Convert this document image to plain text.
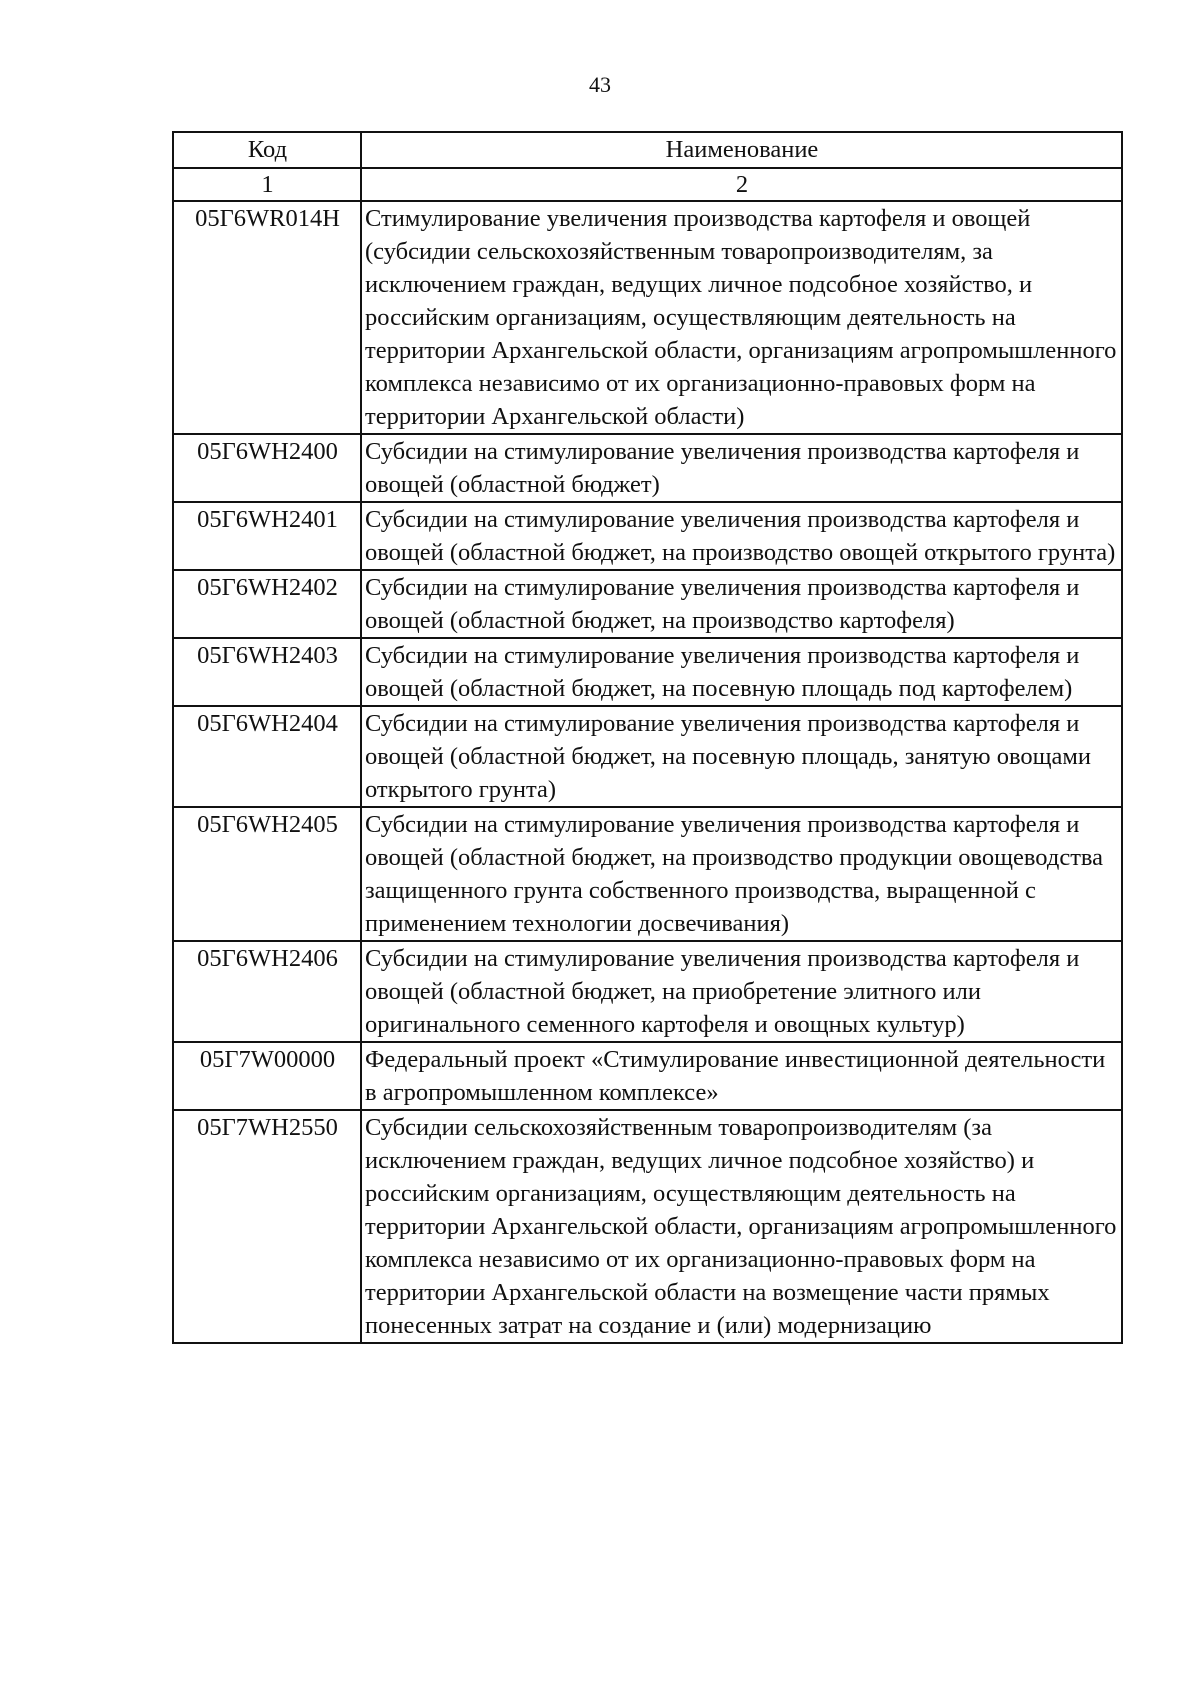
43
Код	Наименование
1	2
05Г6WR014H	Стимулирование увеличения производства картофеля и овощей (субсидии сельскохозяйственным товаропроизводителям, за исключением граждан, ведущих личное подсобное хозяйство, и российским организациям, осуществляющим деятельность на территории Архангельской области, организациям агропромышленного комплекса независимо от их организационно-правовых форм на территории Архангельской области)
05Г6WH2400	Субсидии на стимулирование увеличения производства картофеля и овощей (областной бюджет)
05Г6WH2401	Субсидии на стимулирование увеличения производства картофеля и овощей (областной бюджет, на производство овощей открытого грунта)
05Г6WH2402	Субсидии на стимулирование увеличения производства картофеля и овощей (областной бюджет, на производство картофеля)
05Г6WH2403	Субсидии на стимулирование увеличения производства картофеля и овощей (областной бюджет, на посевную площадь под картофелем)
05Г6WH2404	Субсидии на стимулирование увеличения производства картофеля и овощей (областной бюджет, на посевную площадь, занятую овощами открытого грунта)
05Г6WH2405	Субсидии на стимулирование увеличения производства картофеля и овощей (областной бюджет, на производство продукции овощеводства защищенного грунта собственного производства, выращенной с применением технологии досвечивания)
05Г6WH2406	Субсидии на стимулирование увеличения производства картофеля и овощей (областной бюджет, на приобретение элитного или оригинального семенного картофеля и овощных культур)
05Г7W00000	Федеральный проект «Стимулирование инвестиционной деятельности в агропромышленном комплексе»
05Г7WH2550	Субсидии сельскохозяйственным товаропроизводителям (за исключением граждан, ведущих личное подсобное хозяйство) и российским организациям, осуществляющим деятельность на территории Архангельской области, организациям агропромышленного комплекса независимо от их организационно-правовых форм на территории Архангельской области на возмещение части прямых понесенных затрат на создание и (или) модернизацию
